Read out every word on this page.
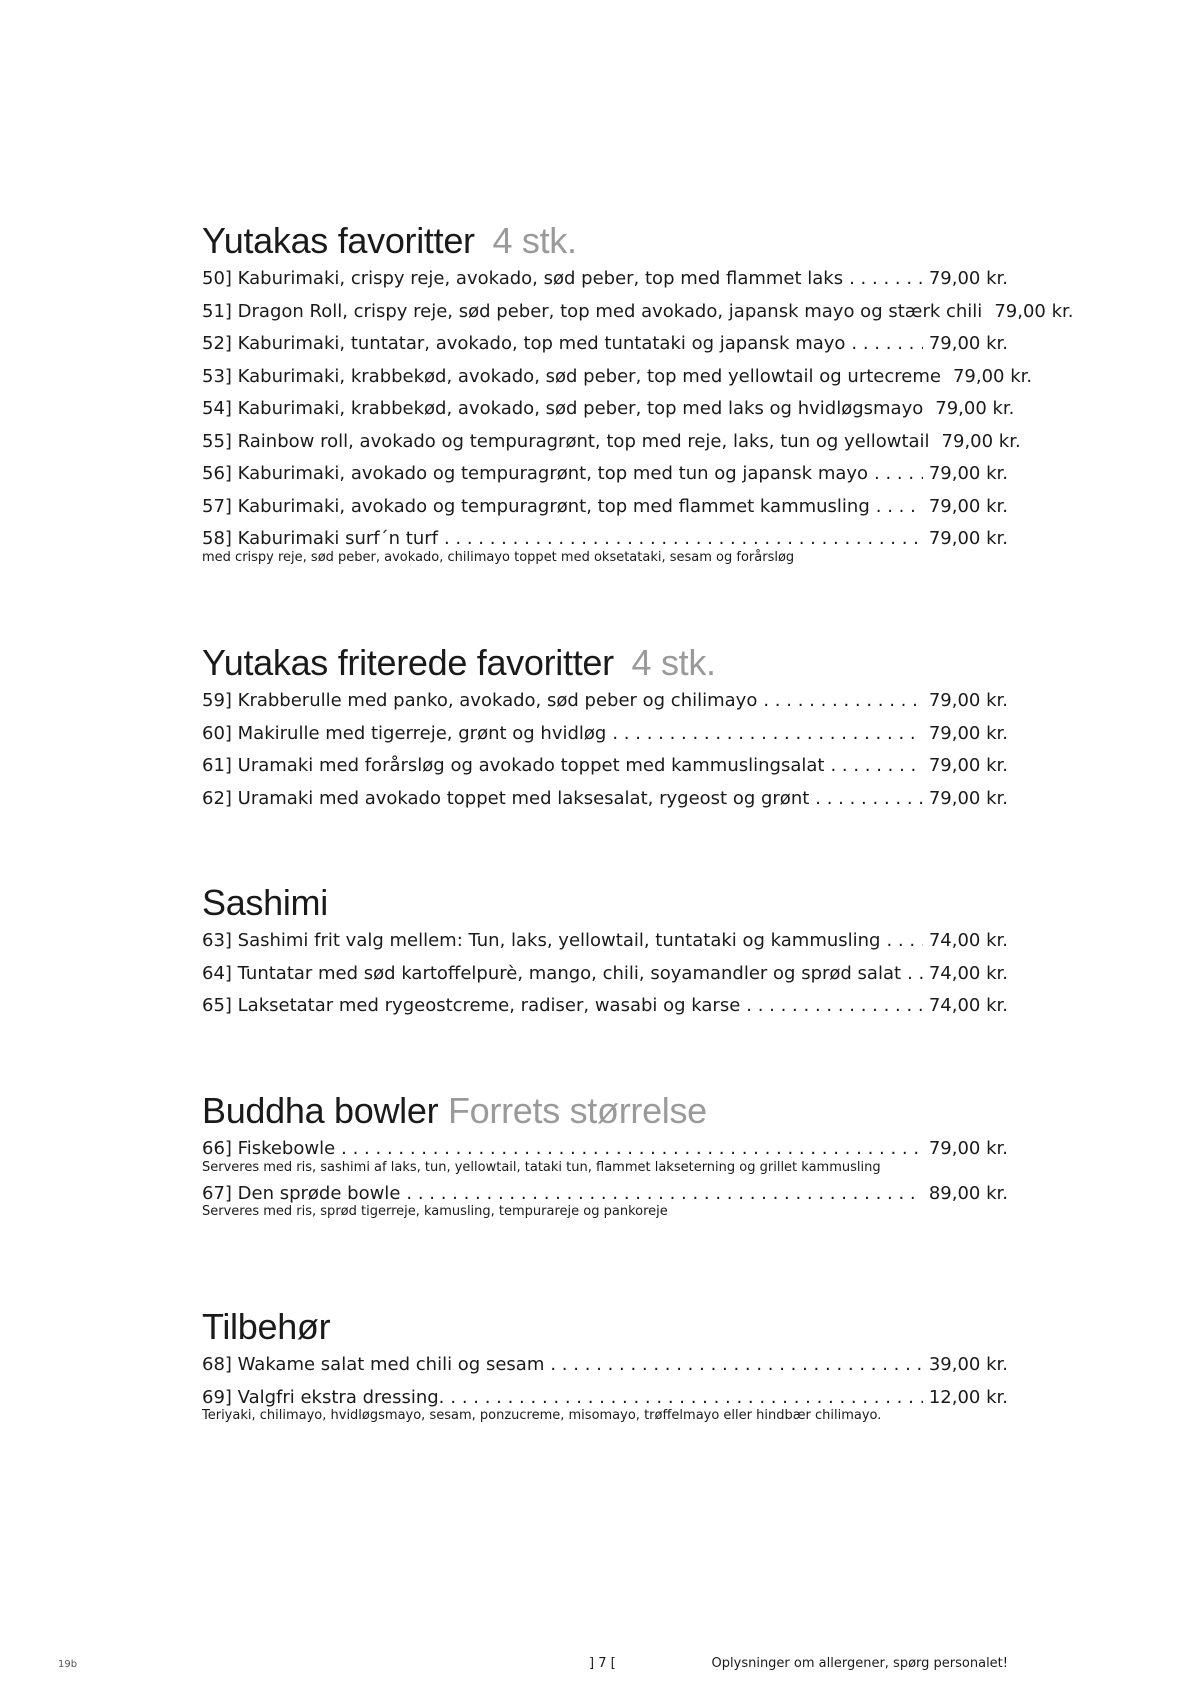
Yutakas favoritter 4 stk.
50] Kaburimaki, crispy reje, avokado, sød peber, top med flammet laks . . .	79,00 kr.
51] Dragon Roll, crispy reje, sød peber, top med avokado, japansk mayo og stærk chili 79,00 kr.
52] Kaburimaki, tuntatar, avokado, top med tuntataki og japansk mayo . . .	79,00 kr.
53] Kaburimaki, krabbekød, avokado, sød peber, top med yellowtail og urtecreme 79,00 kr.
54] Kaburimaki, krabbekød, avokado, sød peber, top med laks og hvidløgsmayo 79,00 kr.
55] Rainbow roll, avokado og tempuragrønt, top med reje, laks, tun og yellowtail 79,00 kr.
56] Kaburimaki, avokado og tempuragrønt, top med tun og japansk mayo . . .	79,00 kr.
57] Kaburimaki, avokado og tempuragrønt, top med flammet kammusling . . .	79,00 kr.
58] Kaburimaki surf´n turf . . .	79,00 kr.
med crispy reje, sød peber, avokado, chilimayo toppet med oksetataki, sesam og forårsløg
Yutakas friterede favoritter 4 stk.
59] Krabberulle med panko, avokado, sød peber og chilimayo . . .	79,00 kr.
60] Makirulle med tigerreje, grønt og hvidløg . . .	79,00 kr.
61] Uramaki med forårsløg og avokado toppet med kammuslingsalat . . .	79,00 kr.
62] Uramaki med avokado toppet med laksesalat, rygeost og grønt . . .	79,00 kr.
Sashimi
63] Sashimi frit valg mellem: Tun, laks, yellowtail, tuntataki og kammusling . . .	74,00 kr.
64] Tuntatar med sød kartoffelpurè, mango, chili, soyamandler og sprød salat . . . 74,00 kr.
65] Laksetatar med rygeostcreme, radiser, wasabi og karse . . .	74,00 kr.
Buddha bowler Forrets størrelse
66] Fiskebowle . . .	79,00 kr.
Serveres med ris, sashimi af laks, tun, yellowtail, tataki tun, flammet lakseterning og grillet kammusling
67] Den sprøde bowle . . .	89,00 kr.
Serveres med ris, sprød tigerreje, kamusling, tempurareje og pankoreje
Tilbehør
68] Wakame salat med chili og sesam . . .	39,00 kr.
69] Valgfri ekstra dressing. . . .	12,00 kr.
Teriyaki, chilimayo, hvidløgsmayo, sesam, ponzucreme, misomayo, trøffelmayo eller hindbær chilimayo.
19b	] 7 [	Oplysninger om allergener, spørg personalet!
